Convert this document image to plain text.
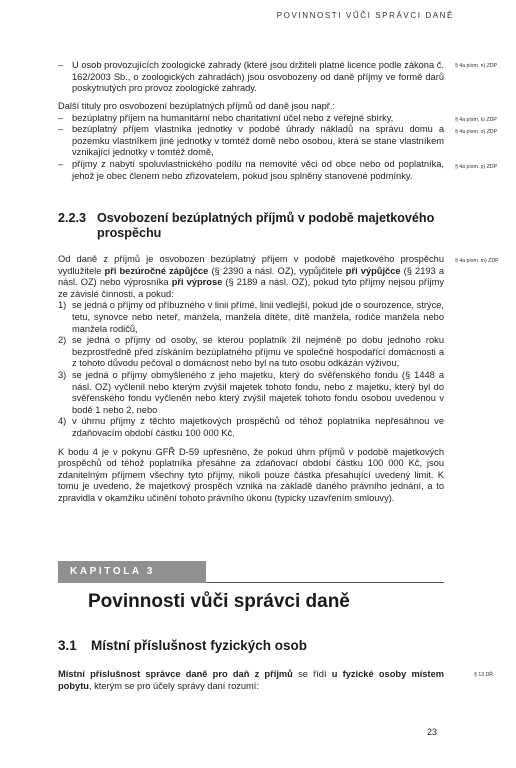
POVINNOSTI VŮČI SPRÁVCI DANĚ

– U osob provozujících zoologické zahrady (které jsou držiteli platné licence podle zákona č. 162/2003 Sb., o zoologických zahradách) jsou osvobozeny od daně příjmy ve formě darů poskytnutých pro provoz zoologické zahrady.

§ 4a písm. n) ZDP

Další tituly pro osvobození bezúplatných příjmů od daně jsou např.:

– bezúplatný příjem na humanitární nebo charitativní účel nebo z veřejné sbírky,

– bezúplatný příjem vlastníka jednotky v podobě úhrady nákladů na správu domu a pozemku vlastníkem jiné jednotky v tomtéž domě nebo osobou, která se stane vlastníkem vznikající jednotky v tomtéž domě,

– příjmy z nabytí spoluvlastnického podílu na nemovité věci od obce nebo od poplatníka, jehož je obec členem nebo zřizovatelem, pokud jsou splněny stanovené podmínky.

§ 4a písm. k) ZDP
§ 4a písm. o) ZDP
§ 4a písm. p) ZDP
2.2.3 Osvobození bezúplatných příjmů v podobě majetkového prospěchu

Od daně z příjmů je osvobozen bezúplatný příjem v podobě majetkového prospěchu vydlužitele při bezúročné zápůjčce (§ 2390 a násl. OZ), vypůjčitele při výpůjčce (§ 2193 a násl. OZ) nebo výprosníka při výprose (§ 2189 a násl. OZ), pokud tyto příjmy nejsou příjmy ze závislé činnosti, a pokud:

1) se jedná o příjmy od příbuzného v linii přímé, linii vedlejší, pokud jde o sourozence, strýce, tetu, synovce nebo neteř, manžela, manžela dítěte, dítě manžela, rodiče manžela nebo manžela rodičů,

2) se jedná o příjmy od osoby, se kterou poplatník žil nejméně po dobu jednoho roku bezprostředně před získáním bezúplatného příjmu ve společně hospodařící domácnosti a z tohoto důvodu pečoval o domácnost nebo byl na tuto osobu odkázán výživou,

3) se jedná o příjmy obmyšleného z jeho majetku, který do svěřenského fondu (§ 1448 a násl. OZ) vyčlenil nebo kterým zvýšil majetek tohoto fondu, nebo z majetku, který byl do svěřenského fondu vyčleněn nebo který zvýšil majetek tohoto fondu osobou uvedenou v bodě 1 nebo 2, nebo

4) v úhrnu příjmy z těchto majetkových prospěchů od téhož poplatníka nepřesáhnou ve zdaňovacím období částku 100 000 Kč.

K bodu 4 je v pokynu GFŘ D-59 upřesněno, že pokud úhrn příjmů v podobě majetkových prospěchů od téhož poplatníka přesáhne za zdaňovací období částku 100 000 Kč, jsou zdanitelným příjmem všechny tyto příjmy, nikoli pouze částka přesahující uvedený limit. K tomu je uvedeno, že majetkový prospěch vzniká na základě daného právního jednání, a to zpravidla v okamžiku učinění tohoto právního úkonu (typicky uzavřením smlouvy).

§ 4a písm. m) ZDP
KAPITOLA 3
Povinnosti vůči správci daně
3.1	Místní příslušnost fyzických osob

Místní příslušnost správce daně pro daň z příjmů se řídí u fyzické osoby místem pobytu, kterým se pro účely správy daní rozumí:

§ 13 DŘ
23
